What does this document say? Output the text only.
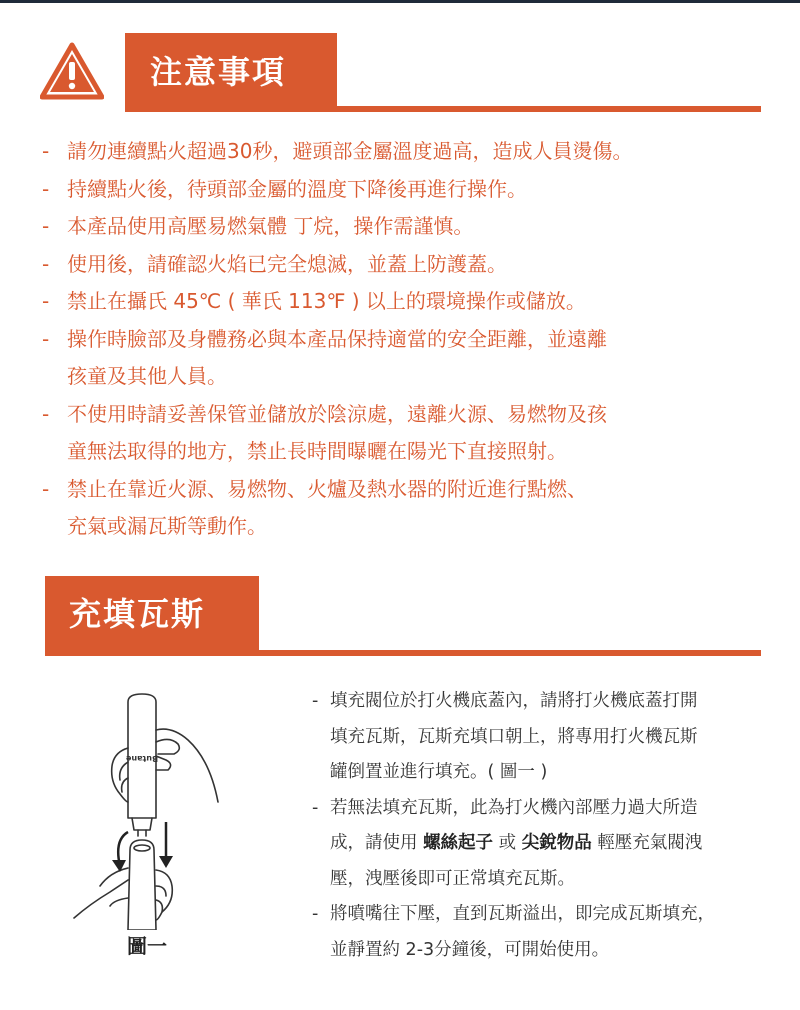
注意事項
- 請勿連續點火超過30秒，避頭部金屬溫度過高，造成人員燙傷。
- 持續點火後，待頭部金屬的溫度下降後再進行操作。
- 本產品使用高壓易燃氣體 丁烷，操作需謹慎。
- 使用後，請確認火焰已完全熄滅，並蓋上防護蓋。
- 禁止在攝氏 45℃ ( 華氏 113℉ ) 以上的環境操作或儲放。
- 操作時臉部及身體務必與本產品保持適當的安全距離，並遠離
孩童及其他人員。
- 不使用時請妥善保管並儲放於陰涼處，遠離火源、易燃物及孩
童無法取得的地方，禁止長時間曝曬在陽光下直接照射。
- 禁止在靠近火源、易燃物、火爐及熱水器的附近進行點燃、
充氣或漏瓦斯等動作。
充填瓦斯
Butane
圖一
- 填充閥位於打火機底蓋內，請將打火機底蓋打開
填充瓦斯，瓦斯充填口朝上，將專用打火機瓦斯
罐倒置並進行填充。( 圖一 )
- 若無法填充瓦斯，此為打火機內部壓力過大所造
成，請使用 螺絲起子 或 尖銳物品 輕壓充氣閥洩
壓，洩壓後即可正常填充瓦斯。
- 將噴嘴往下壓，直到瓦斯溢出，即完成瓦斯填充，
並靜置約 2-3分鐘後，可開始使用。
